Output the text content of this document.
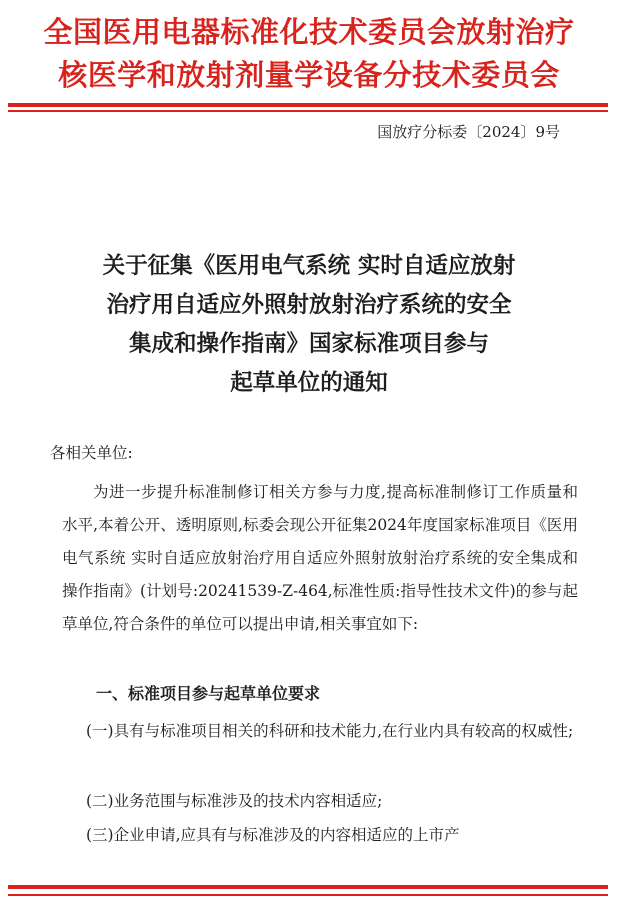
全国医用电器标准化技术委员会放射治疗
核医学和放射剂量学设备分技术委员会
国放疗分标委〔2024〕9号
关于征集《医用电气系统 实时自适应放射
治疗用自适应外照射放射治疗系统的安全
集成和操作指南》国家标准项目参与
起草单位的通知
各相关单位:
为进一步提升标准制修订相关方参与力度,提高标准制修订工作质量和水平,本着公开、透明原则,标委会现公开征集2024年度国家标准项目《医用电气系统 实时自适应放射治疗用自适应外照射放射治疗系统的安全集成和操作指南》(计划号:20241539-Z-464,标准性质:指导性技术文件)的参与起草单位,符合条件的单位可以提出申请,相关事宜如下:
一、标准项目参与起草单位要求
(一)具有与标准项目相关的科研和技术能力,在行业内具有较高的权威性;
(二)业务范围与标准涉及的技术内容相适应;
(三)企业申请,应具有与标准涉及的内容相适应的上市产
